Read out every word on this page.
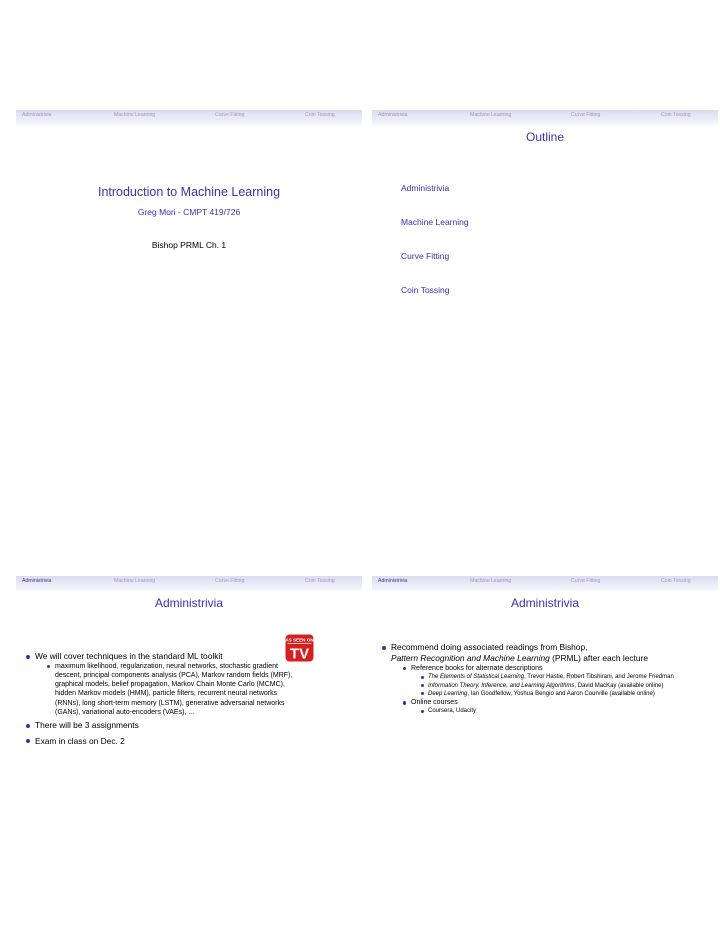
Administrivia	Machine Learning	Curve Fitting	Coin Tossing
Introduction to Machine Learning
Greg Mori - CMPT 419/726
Bishop PRML Ch. 1
Administrivia	Machine Learning	Curve Fitting	Coin Tossing
Outline
Administrivia
Machine Learning
Curve Fitting
Coin Tossing
Administrivia	Machine Learning	Curve Fitting	Coin Tossing
Administrivia
AS SEEN ON
TV
We will cover techniques in the standard ML toolkit
maximum likelihood, regularization, neural networks, stochastic gradient descent, principal components analysis (PCA), Markov random fields (MRF), graphical models, belief propagation, Markov Chain Monte Carlo (MCMC), hidden Markov models (HMM), particle filters, recurrent neural networks (RNNs), long short-term memory (LSTM), generative adversarial networks (GANs), variational auto-encoders (VAEs), ...
There will be 3 assignments
Exam in class on Dec. 2
Administrivia	Machine Learning	Curve Fitting	Coin Tossing
Administrivia
Recommend doing associated readings from Bishop,
Pattern Recognition and Machine Learning (PRML) after each lecture
Reference books for alternate descriptions
The Elements of Statistical Learning, Trevor Hastie, Robert Tibshirani, and Jerome Friedman
Information Theory, Inference, and Learning Algorithms, David MacKay (available online)
Deep Learning, Ian Goodfellow, Yoshua Bengio and Aaron Courville (available online)
Online courses
Coursera, Udacity
